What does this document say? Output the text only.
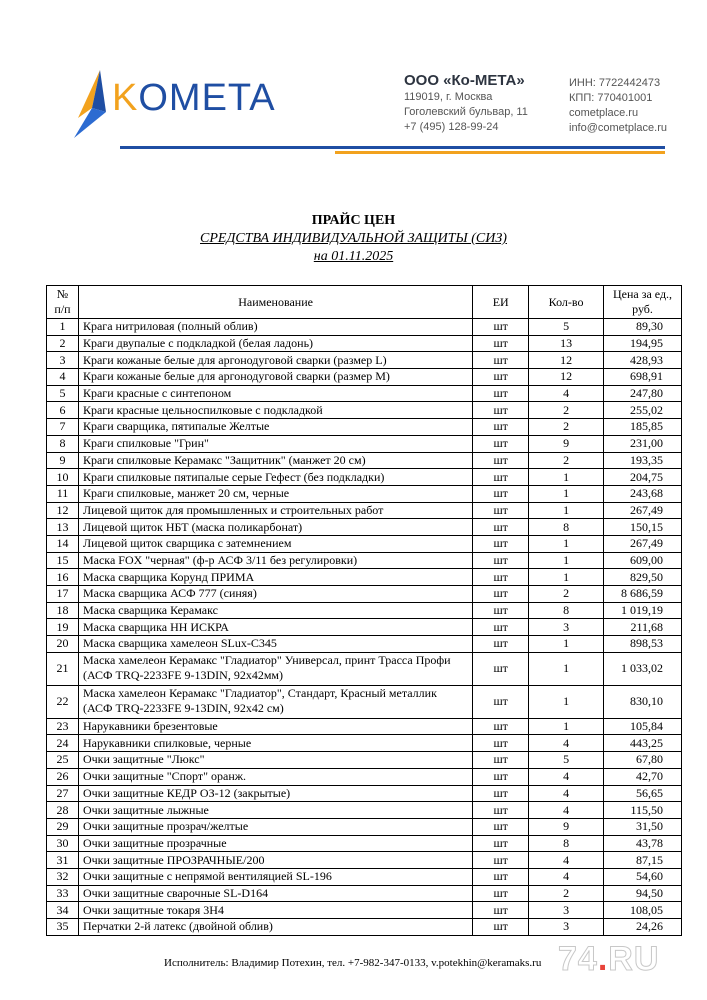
KOMETA	ООО «Ко-МЕТА»
119019, г. Москва
Гоголевский бульвар, 11
+7 (495) 128-99-24
ИНН: 7722442473
КПП: 770401001
cometplace.ru
info@cometplace.ru
ПРАЙС ЦЕН
СРЕДСТВА ИНДИВИДУАЛЬНОЙ ЗАЩИТЫ (СИЗ)
на 01.11.2025
№ п/п	Наименование	ЕИ	Кол-во	Цена за ед., руб.
1	Крага нитриловая (полный облив)	шт	5	89,30
2	Краги двупалые с подкладкой (белая ладонь)	шт	13	194,95
3	Краги кожаные белые для аргонодуговой сварки (размер L)	шт	12	428,93
4	Краги кожаные белые для аргонодуговой сварки (размер M)	шт	12	698,91
5	Краги красные с синтепоном	шт	4	247,80
6	Краги красные цельноспилковые с подкладкой	шт	2	255,02
7	Краги сварщика, пятипалые Желтые	шт	2	185,85
8	Краги спилковые "Грин"	шт	9	231,00
9	Краги спилковые Керамакс "Защитник" (манжет 20 см)	шт	2	193,35
10	Краги спилковые пятипалые серые Гефест (без подкладки)	шт	1	204,75
11	Краги спилковые, манжет 20 см, черные	шт	1	243,68
12	Лицевой щиток для промышленных и строительных работ	шт	1	267,49
13	Лицевой щиток НБТ (маска поликарбонат)	шт	8	150,15
14	Лицевой щиток сварщика с затемнением	шт	1	267,49
15	Маска FOX "черная" (ф-р АСФ 3/11 без регулировки)	шт	1	609,00
16	Маска сварщика Корунд ПРИМА	шт	1	829,50
17	Маска сварщика АСФ 777 (синяя)	шт	2	8 686,59
18	Маска сварщика Керамакс	шт	8	1 019,19
19	Маска сварщика НН ИСКРА	шт	3	211,68
20	Маска сварщика хамелеон SLux-C345	шт	1	898,53
21	Маска хамелеон Керамакс "Гладиатор" Универсал, принт Трасса Профи (АСФ TRQ-2233FE 9-13DIN, 92x42мм)	шт	1	1 033,02
22	Маска хамелеон Керамакс "Гладиатор", Стандарт, Красный металлик (АСФ TRQ-2233FE 9-13DIN, 92x42 см)	шт	1	830,10
23	Нарукавники брезентовые	шт	1	105,84
24	Нарукавники спилковые, черные	шт	4	443,25
25	Очки защитные "Люкс"	шт	5	67,80
26	Очки защитные "Спорт" оранж.	шт	4	42,70
27	Очки защитные КЕДР ОЗ-12 (закрытые)	шт	4	56,65
28	Очки защитные лыжные	шт	4	115,50
29	Очки защитные прозрач/желтые	шт	9	31,50
30	Очки защитные прозрачные	шт	8	43,78
31	Очки защитные ПРОЗРАЧНЫЕ/200	шт	4	87,15
32	Очки защитные с непрямой вентиляцией SL-196	шт	4	54,60
33	Очки защитные сварочные SL-D164	шт	2	94,50
34	Очки защитные токаря 3Н4	шт	3	108,05
35	Перчатки 2-й латекс (двойной облив)	шт	3	24,26
Исполнитель: Владимир Потехин, тел. +7-982-347-0133, v.potekhin@keramaks.ru 74.RU
